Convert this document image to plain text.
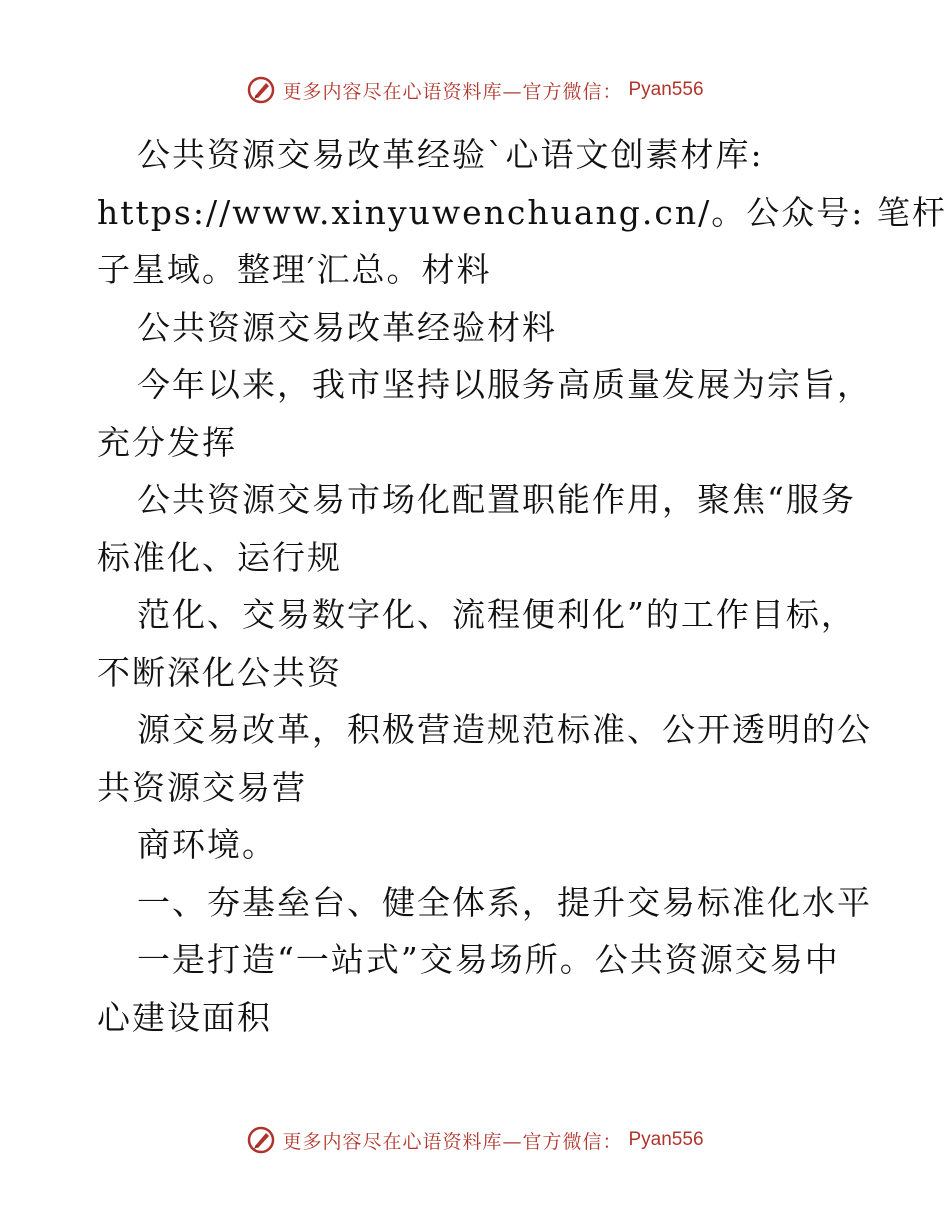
更多内容尽在心语资料库—官方微信： Pyan556
公共资源交易改革经验`心语文创素材库:
https://www.xinyuwenchuang.cn/。公众号: 笔杆
子星域。整理′汇总。材料
公共资源交易改革经验材料
今年以来，我市坚持以服务高质量发展为宗旨，
充分发挥
公共资源交易市场化配置职能作用，聚焦“服务
标准化、运行规
范化、交易数字化、流程便利化”的工作目标，
不断深化公共资
源交易改革，积极营造规范标准、公开透明的公
共资源交易营
商环境。
一、夯基垒台、健全体系，提升交易标准化水平
一是打造“一站式”交易场所。公共资源交易中
心建设面积
更多内容尽在心语资料库—官方微信： Pyan556
